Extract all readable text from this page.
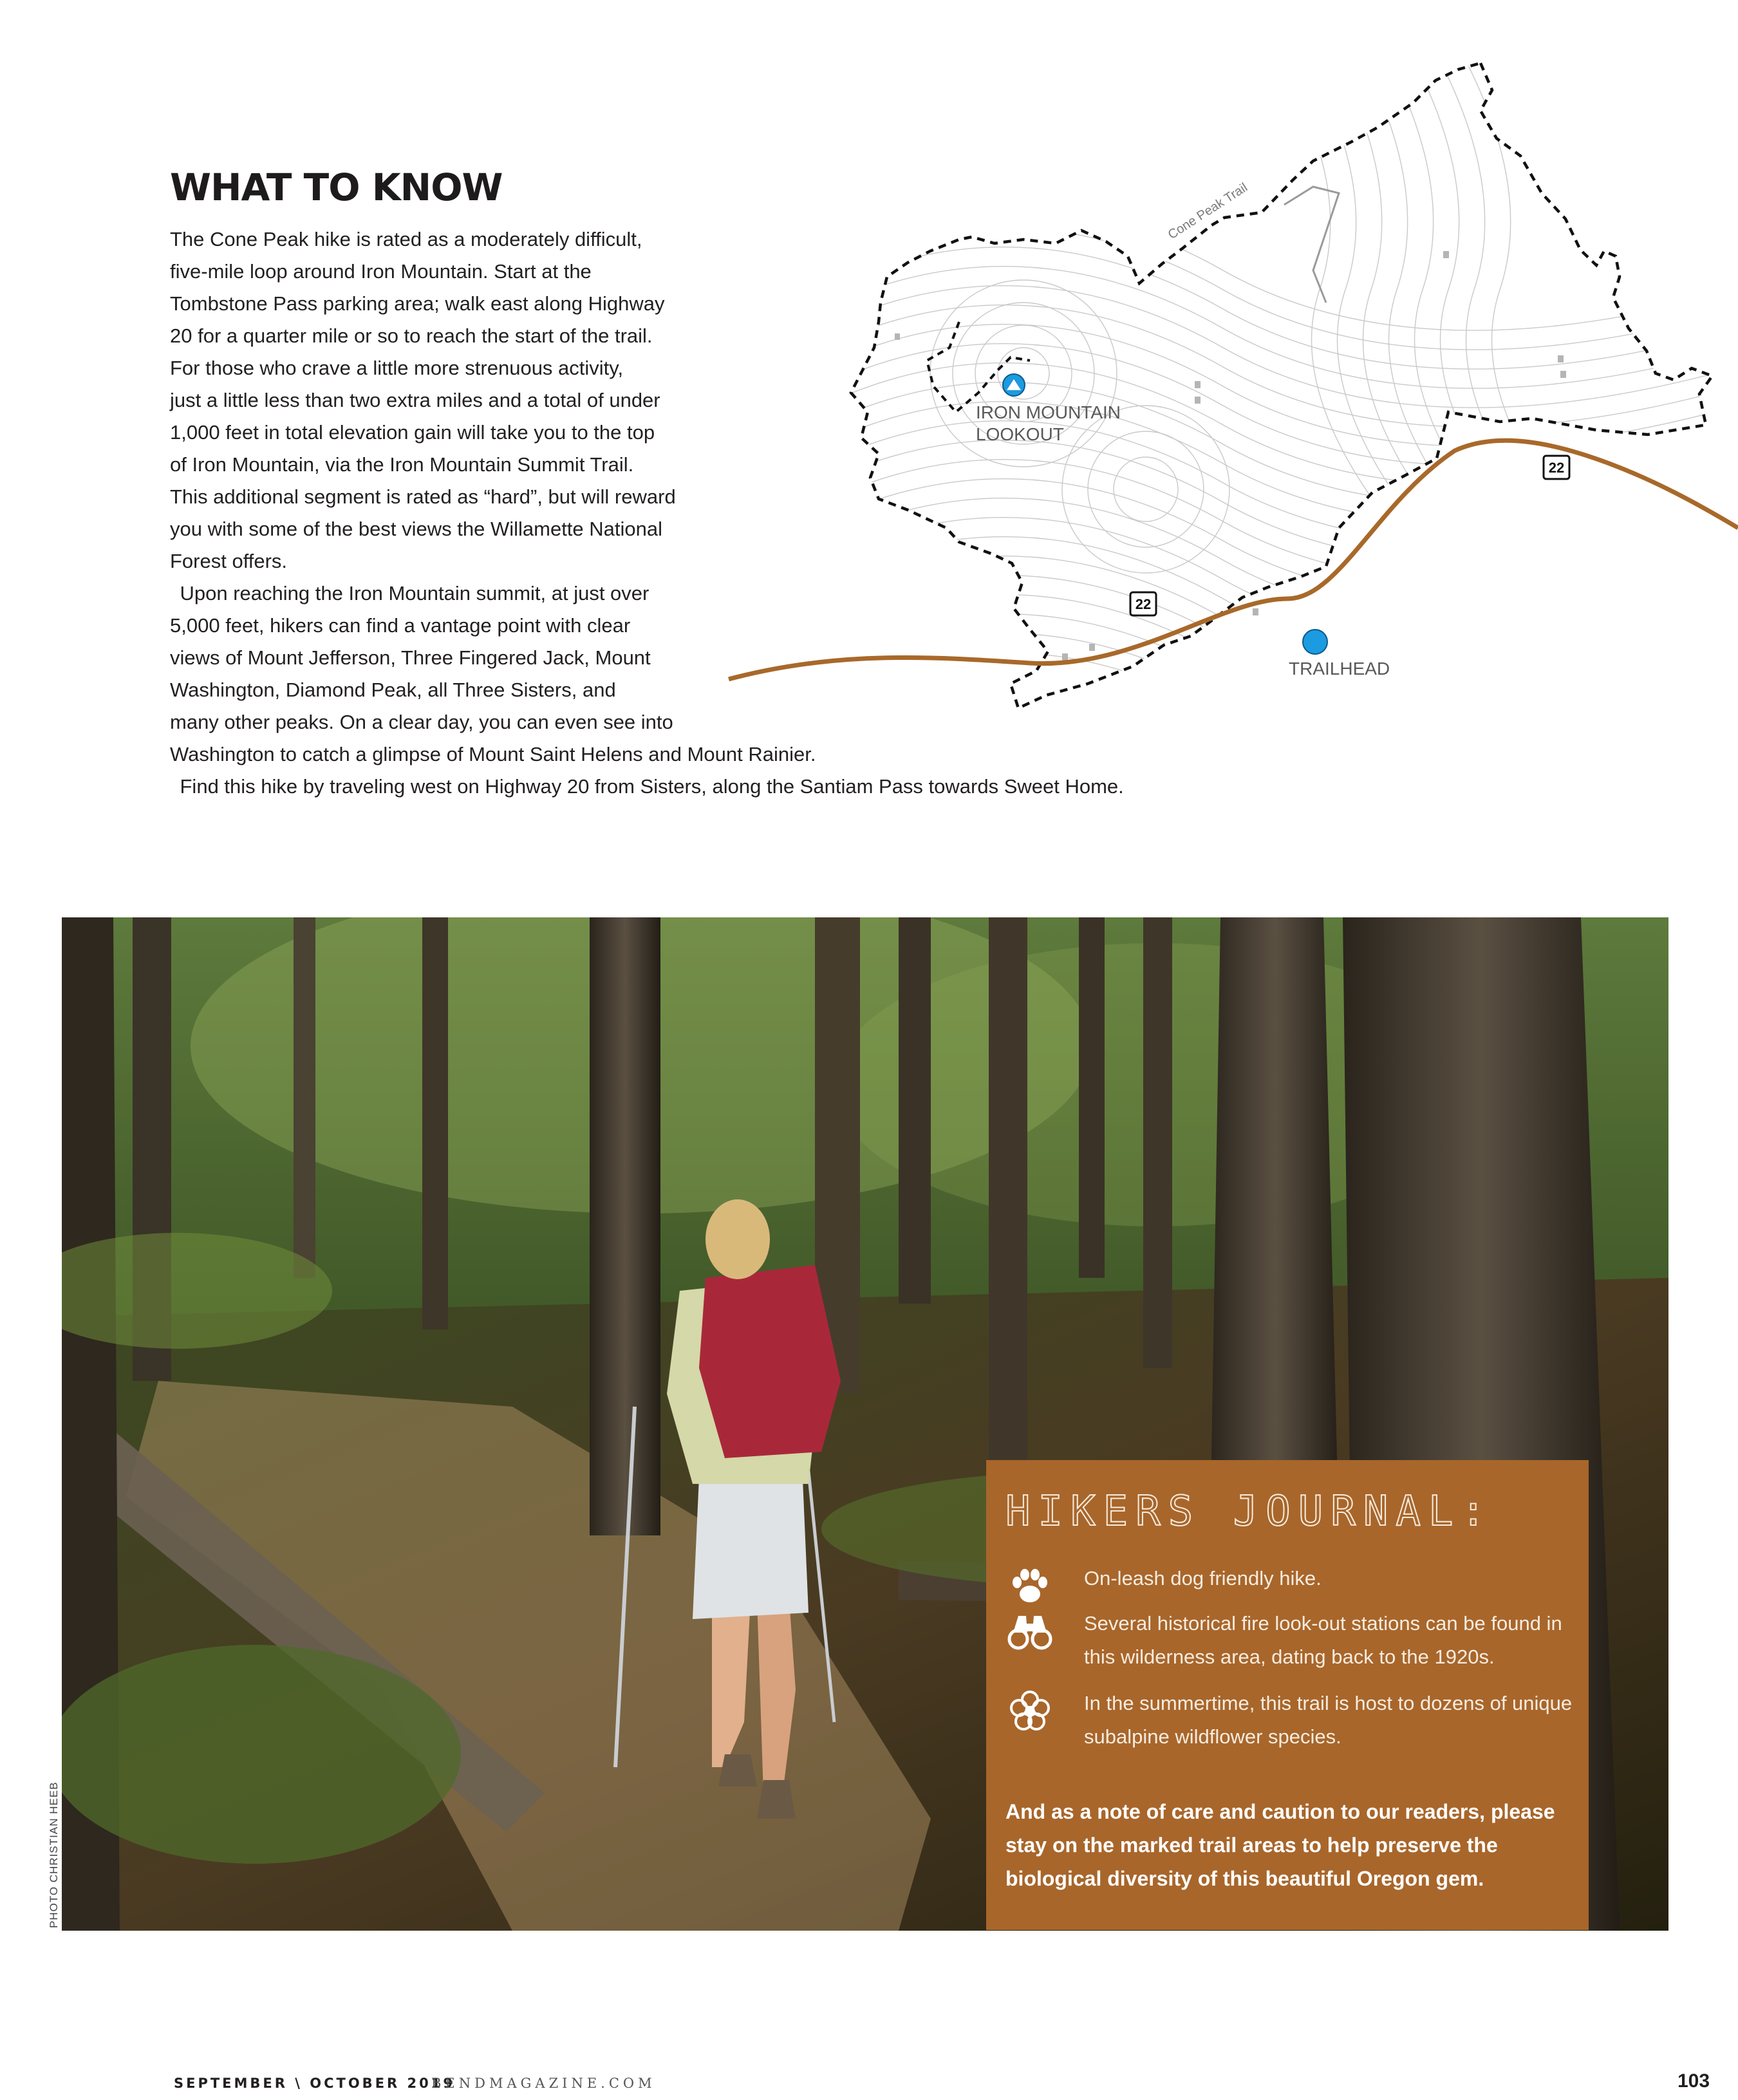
WHAT TO KNOW

The Cone Peak hike is rated as a moderately difficult,
five-mile loop around Iron Mountain. Start at the
Tombstone Pass parking area; walk east along Highway
20 for a quarter mile or so to reach the start of the trail.
For those who crave a little more strenuous activity,
just a little less than two extra miles and a total of under
1,000 feet in total elevation gain will take you to the top
of Iron Mountain, via the Iron Mountain Summit Trail.
This additional segment is rated as “hard”, but will reward
you with some of the best views the Willamette National
Forest offers.

 Upon reaching the Iron Mountain summit, at just over
5,000 feet, hikers can find a vantage point with clear
views of Mount Jefferson, Three Fingered Jack, Mount
Washington, Diamond Peak, all Three Sisters, and
many other peaks. On a clear day, you can even see into
Washington to catch a glimpse of Mount Saint Helens and Mount Rainier.

 Find this hike by traveling west on Highway 20 from Sisters, along the Santiam Pass towards Sweet Home.

Cone Peak Trail
22
22
IRON MOUNTAIN
LOOKOUT
TRAILHEAD
PHOTO CHRISTIAN HEEB
HIKERS JOURNAL:
On-leash dog friendly hike.
Several historical fire look-out stations can be found in this wilderness area, dating back to the 1920s.
In the summertime, this trail is host to dozens of unique subalpine wildflower species.

And as a note of care and caution to our readers, please stay on the marked trail areas to help preserve the biological diversity of this beautiful Oregon gem.

SEPTEMBER \ OCTOBER 2019
BENDMAGAZINE.COM	103
